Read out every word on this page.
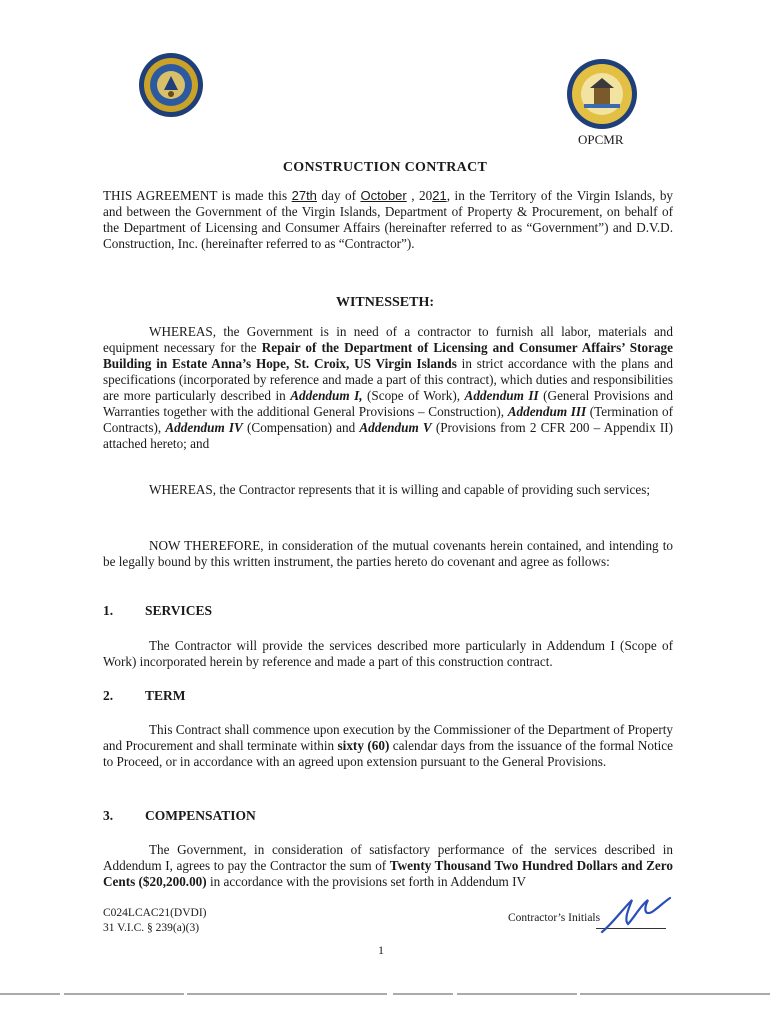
OPCMR
CONSTRUCTION CONTRACT
THIS AGREEMENT is made this 27th day of October , 2021, in the Territory of the Virgin Islands, by and between the Government of the Virgin Islands, Department of Property & Procurement, on behalf of the Department of Licensing and Consumer Affairs (hereinafter referred to as “Government”) and D.V.D. Construction, Inc. (hereinafter referred to as “Contractor”).
WITNESSETH:
WHEREAS, the Government is in need of a contractor to furnish all labor, materials and equipment necessary for the Repair of the Department of Licensing and Consumer Affairs’ Storage Building in Estate Anna’s Hope, St. Croix, US Virgin Islands in strict accordance with the plans and specifications (incorporated by reference and made a part of this contract), which duties and responsibilities are more particularly described in Addendum I, (Scope of Work), Addendum II (General Provisions and Warranties together with the additional General Provisions – Construction), Addendum III (Termination of Contracts), Addendum IV (Compensation) and Addendum V (Provisions from 2 CFR 200 – Appendix II) attached hereto; and
WHEREAS, the Contractor represents that it is willing and capable of providing such services;
NOW THEREFORE, in consideration of the mutual covenants herein contained, and intending to be legally bound by this written instrument, the parties hereto do covenant and agree as follows:
1. SERVICES
The Contractor will provide the services described more particularly in Addendum I (Scope of Work) incorporated herein by reference and made a part of this construction contract.
2. TERM
This Contract shall commence upon execution by the Commissioner of the Department of Property and Procurement and shall terminate within sixty (60) calendar days from the issuance of the formal Notice to Proceed, or in accordance with an agreed upon extension pursuant to the General Provisions.
3. COMPENSATION
The Government, in consideration of satisfactory performance of the services described in Addendum I, agrees to pay the Contractor the sum of Twenty Thousand Two Hundred Dollars and Zero Cents ($20,200.00) in accordance with the provisions set forth in Addendum IV
C024LCAC21(DVDI)
31 V.I.C. § 239(a)(3)
Contractor’s Initials
1
